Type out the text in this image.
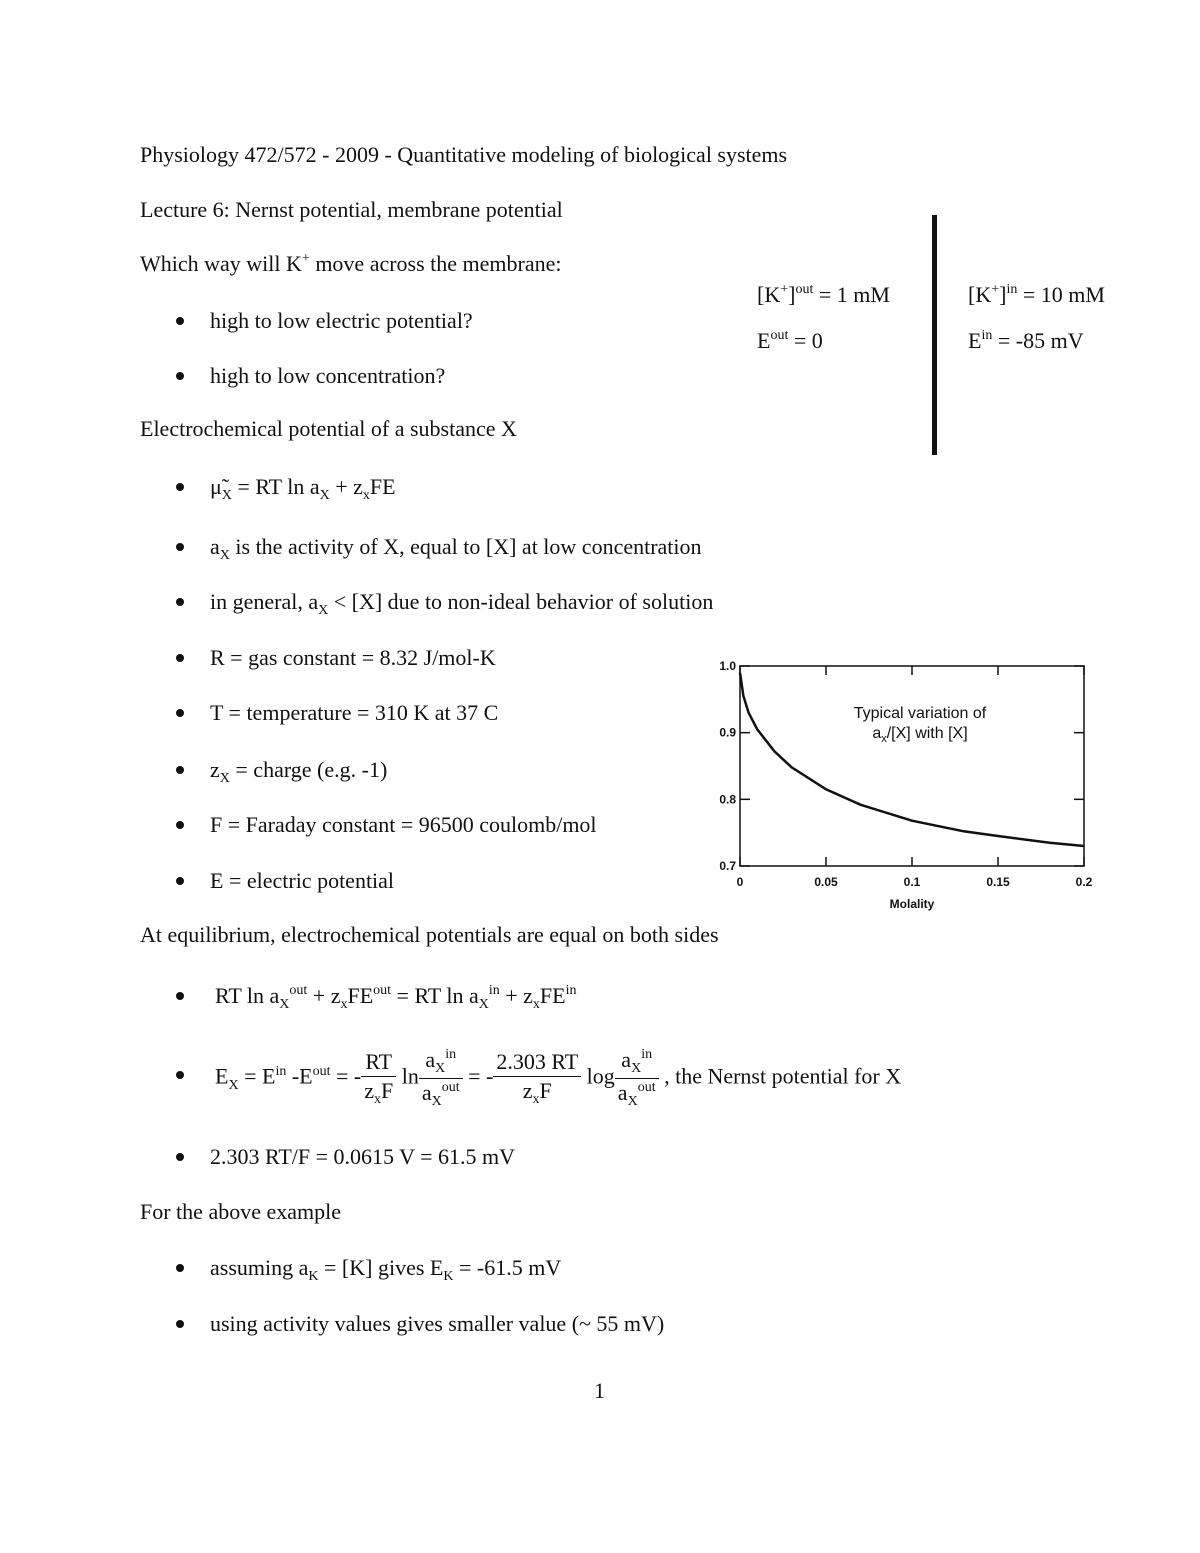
Physiology 472/572 - 2009 - Quantitative modeling of biological systems
Lecture 6: Nernst potential, membrane potential
Which way will K+ move across the membrane:
high to low electric potential?
high to low concentration?
$[K^+]^{out} = 1$ mM
$E^{out} = 0$
$[K^+]^{in} = 10$ mM
$E^{in} = -85$ mV
Electrochemical potential of a substance X
$\mũ_X$ = RT $\ln a_X + z_xFE$
$a_X$ is the activity of X, equal to [X] at low concentration
in general, $a_X < [X]$ due to non-ideal behavior of solution
R = gas constant = 8.32 J/mol-K
T = temperature = 310 K at 37 C
$z_X$ = charge (e.g. -1)
F = Faraday constant = 96500 coulomb/mol
E = electric potential	0	0.05	0.1	0.15	0.2
0.7
0.8
0.9
1.0
Typical variation of
$a_x/[X]$ with [X]
Molality
At equilibrium, electrochemical potentials are equal on both sides
RT $\ln a_X^{out} + z_xFE^{out}$ = RT $\ln a_X^{in} + z_xFE^{in}$
$E_X = E^{in}$ $-E^{out}$ = - $\frac{RT}{z_xF}$ $\ln \frac{a_X^{in}}{a_X^{out}}$ = - $\frac{2.303 RT}{z_xF}$ $\log \frac{a_X^{in}}{a_X^{out}}$ , the Nernst potential for X
2.303 RT/F = 0.0615 V = 61.5 mV
For the above example
assuming $a_K = [K]$ gives $E_K = -61.5$ mV
using activity values gives smaller value (~ 55 mV)
1
